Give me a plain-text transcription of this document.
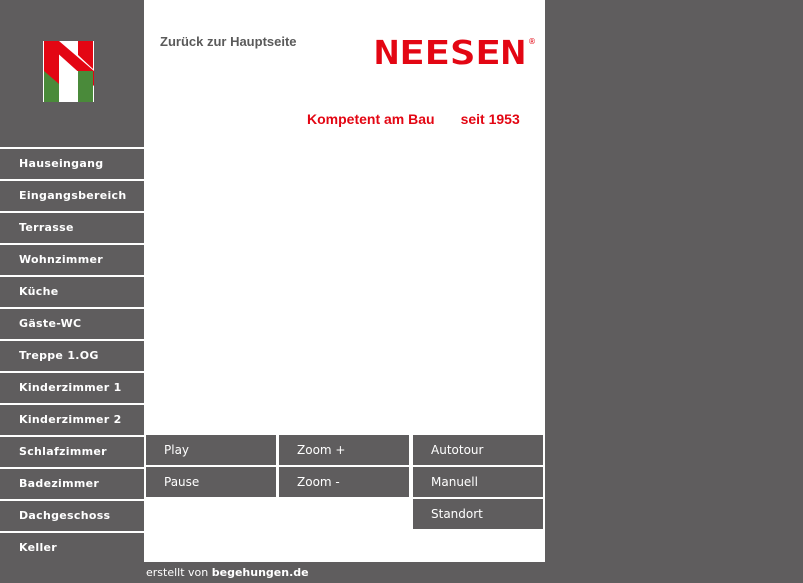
Hauseingang
Eingangsbereich
Terrasse
Wohnzimmer
Küche
Gäste-WC
Treppe 1.OG
Kinderzimmer 1
Kinderzimmer 2
Schlafzimmer
Badezimmer
Dachgeschoss
Keller
Zurück zur Hauptseite NEESEN ®
Kompetent am Bau seit 1953
Play
Pause
Zoom +
Zoom -
Autotour
Manuell
Standort
erstellt von begehungen.de
